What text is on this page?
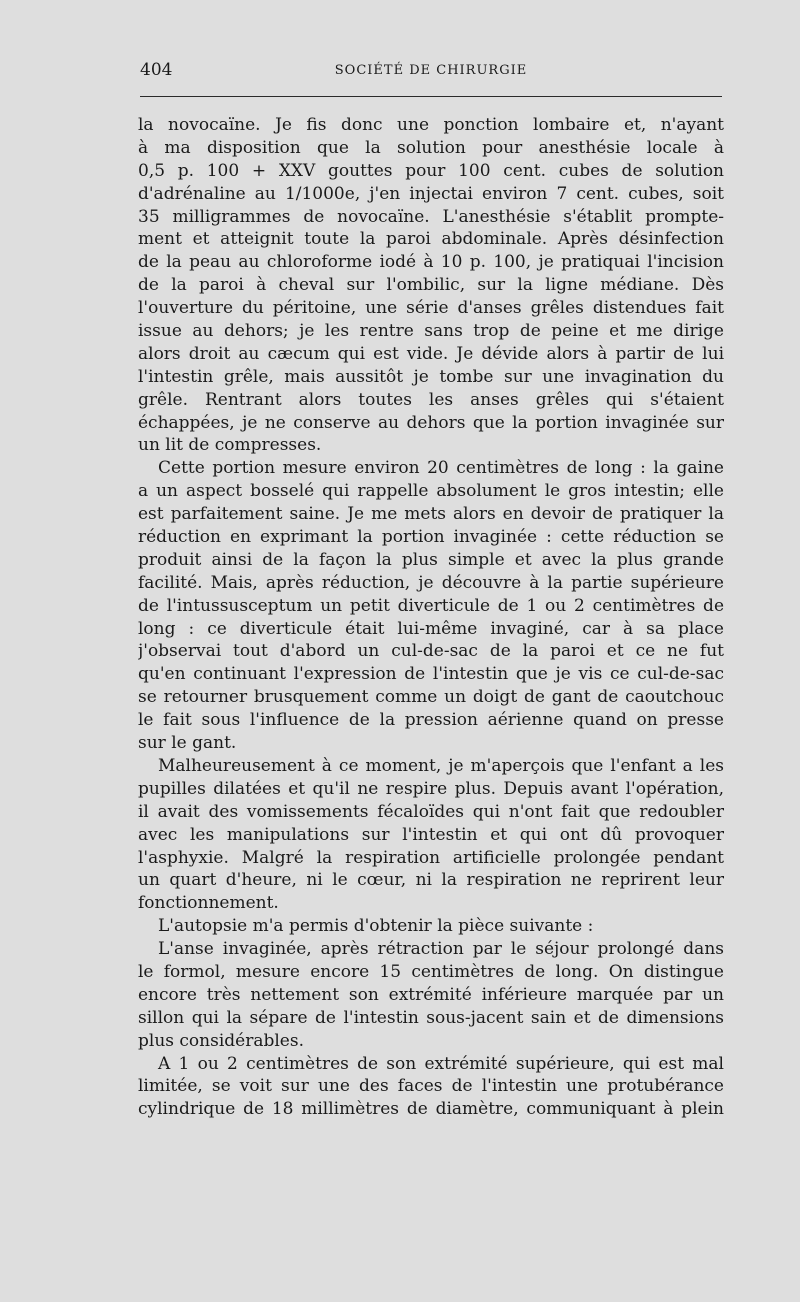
404	SOCIÉTÉ DE CHIRURGIE
la novocaïne. Je fis donc une ponction lombaire et, n'ayant
à ma disposition que la solution pour anesthésie locale à
0,5 p. 100 + XXV gouttes pour 100 cent. cubes de solution
d'adrénaline au 1/1000e, j'en injectai environ 7 cent. cubes, soit
35 milligrammes de novocaïne. L'anesthésie s'établit prompte-
ment et atteignit toute la paroi abdominale. Après désinfection
de la peau au chloroforme iodé à 10 p. 100, je pratiquai l'incision
de la paroi à cheval sur l'ombilic, sur la ligne médiane. Dès
l'ouverture du péritoine, une série d'anses grêles distendues fait
issue au dehors; je les rentre sans trop de peine et me dirige
alors droit au cæcum qui est vide. Je dévide alors à partir de lui
l'intestin grêle, mais aussitôt je tombe sur une invagination du
grêle. Rentrant alors toutes les anses grêles qui s'étaient
échappées, je ne conserve au dehors que la portion invaginée sur
un lit de compresses.
Cette portion mesure environ 20 centimètres de long : la gaine
a un aspect bosselé qui rappelle absolument le gros intestin; elle
est parfaitement saine. Je me mets alors en devoir de pratiquer la
réduction en exprimant la portion invaginée : cette réduction se
produit ainsi de la façon la plus simple et avec la plus grande
facilité. Mais, après réduction, je découvre à la partie supérieure
de l'intussusceptum un petit diverticule de 1 ou 2 centimètres de
long : ce diverticule était lui-même invaginé, car à sa place
j'observai tout d'abord un cul-de-sac de la paroi et ce ne fut
qu'en continuant l'expression de l'intestin que je vis ce cul-de-sac
se retourner brusquement comme un doigt de gant de caoutchouc
le fait sous l'influence de la pression aérienne quand on presse
sur le gant.
Malheureusement à ce moment, je m'aperçois que l'enfant a les
pupilles dilatées et qu'il ne respire plus. Depuis avant l'opération,
il avait des vomissements fécaloïdes qui n'ont fait que redoubler
avec les manipulations sur l'intestin et qui ont dû provoquer
l'asphyxie. Malgré la respiration artificielle prolongée pendant
un quart d'heure, ni le cœur, ni la respiration ne reprirent leur
fonctionnement.
L'autopsie m'a permis d'obtenir la pièce suivante :
L'anse invaginée, après rétraction par le séjour prolongé dans
le formol, mesure encore 15 centimètres de long. On distingue
encore très nettement son extrémité inférieure marquée par un
sillon qui la sépare de l'intestin sous-jacent sain et de dimensions
plus considérables.
A 1 ou 2 centimètres de son extrémité supérieure, qui est mal
limitée, se voit sur une des faces de l'intestin une protubérance
cylindrique de 18 millimètres de diamètre, communiquant à plein
